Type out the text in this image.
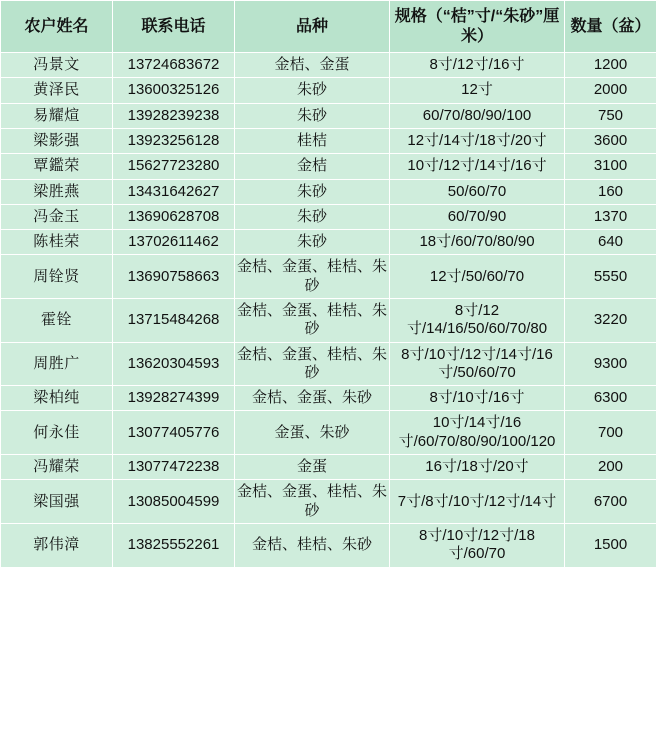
农户姓名	联系电话	品种	规格（“桔”寸/“朱砂”厘米）	数量（盆）
冯景文	13724683672	金桔、金蛋	8寸/12寸/16寸	1200
黄泽民	13600325126	朱砂	12寸	2000
易耀煊	13928239238	朱砂	60/70/80/90/100	750
梁影强	13923256128	桂桔	12寸/14寸/18寸/20寸	3600
覃鑑荣	15627723280	金桔	10寸/12寸/14寸/16寸	3100
梁胜燕	13431642627	朱砂	50/60/70	160
冯金玉	13690628708	朱砂	60/70/90	1370
陈桂荣	13702611462	朱砂	18寸/60/70/80/90	640
周铨贤	13690758663	金桔、金蛋、桂桔、朱砂	12寸/50/60/70	5550
霍铨	13715484268	金桔、金蛋、桂桔、朱砂	8寸/12寸/14/16/50/60/70/80	3220
周胜广	13620304593	金桔、金蛋、桂桔、朱砂	8寸/10寸/12寸/14寸/16寸/50/60/70	9300
梁柏纯	13928274399	金桔、金蛋、朱砂	8寸/10寸/16寸	6300
何永佳	13077405776	金蛋、朱砂	10寸/14寸/16寸/60/70/80/90/100/120	700
冯耀荣	13077472238	金蛋	16寸/18寸/20寸	200
梁国强	13085004599	金桔、金蛋、桂桔、朱砂	7寸/8寸/10寸/12寸/14寸	6700
郭伟漳	13825552261	金桔、桂桔、朱砂	8寸/10寸/12寸/18寸/60/70	1500
